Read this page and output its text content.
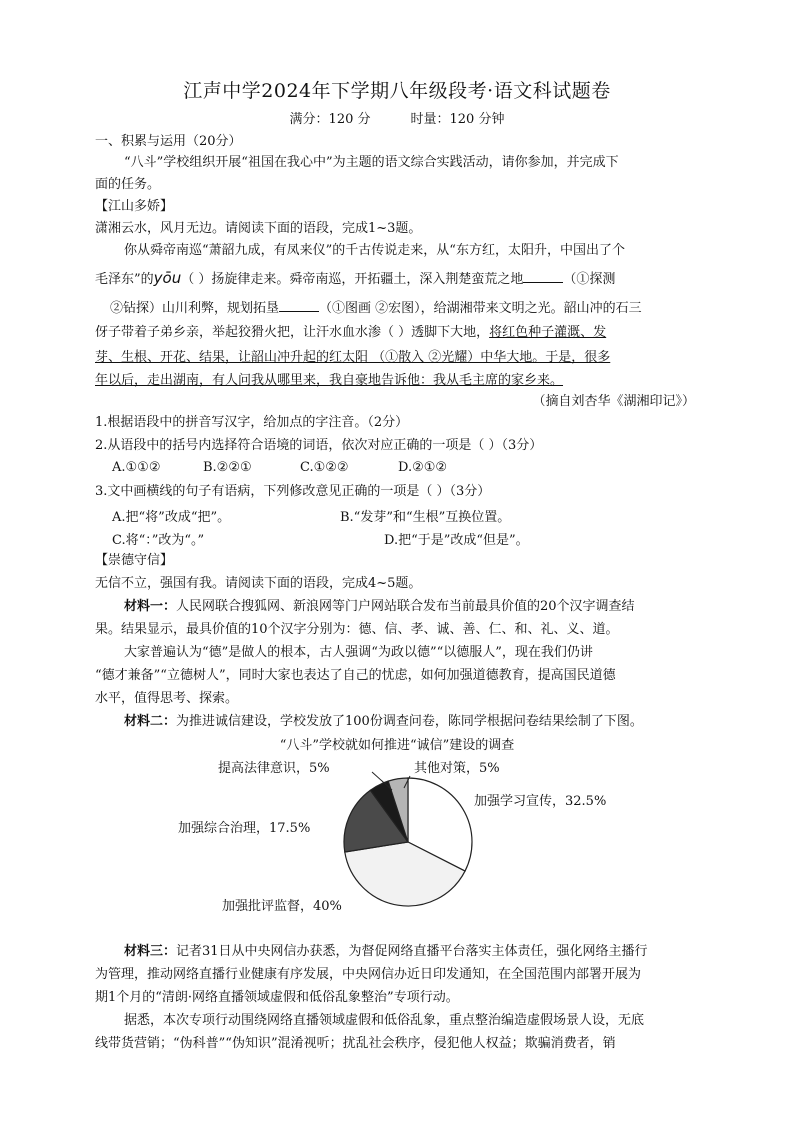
江声中学2024年下学期八年级段考·语文科试题卷
满分：120 分	时量：120 分钟
一、积累与运用（20分）
“八斗”学校组织开展“祖国在我心中”为主题的语文综合实践活动，请你参加，并完成下
面的任务。
【江山多娇】
潇湘云水，风月无边。请阅读下面的语段，完成1~3题。
你从舜帝南巡“萧韶九成，有凤来仪”的千古传说走来，从“东方红，太阳升，中国出了个
毛泽东”的yōu（ ）扬旋律走来。舜帝南巡，开拓疆土，深入荆楚蛮荒之地	（①探测
②钻探）山川利弊，规划拓垦	（①图画 ②宏图），给湖湘带来文明之光。韶山冲的石三
伢子带着子弟乡亲，举起狡猾火把，让汗水血水渗（ ）透脚下大地，将红色种子灌溉、发
芽、生根、开花、结果，让韶山冲升起的红太阳 （①散入 ②光耀）中华大地。于是，很多
年以后，走出湖南，有人问我从哪里来，我自豪地告诉他：我从毛主席的家乡来。
（摘自刘杏华《湖湘印记》）
1.根据语段中的拼音写汉字，给加点的字注音。（2分）
2.从语段中的括号内选择符合语境的词语，依次对应正确的一项是（ ）（3分）
A.①①②	B.②②①	C.①②②	D.②①②
3.文中画横线的句子有语病，下列修改意见正确的一项是（ ）（3分）
A.把“将”改成“把”。	B.“发芽”和“生根”互换位置。
C.将“：”改为“。”	D.把“于是”改成“但是”。
【崇德守信】
无信不立，强国有我。请阅读下面的语段，完成4~5题。
材料一：人民网联合搜狐网、新浪网等门户网站联合发布当前最具价值的20个汉字调查结
果。结果显示，最具价值的10个汉字分别为：德、信、孝、诚、善、仁、和、礼、义、道。
大家普遍认为“德”是做人的根本，古人强调“为政以德”“以德服人”，现在我们仍讲
“德才兼备”“立德树人”，同时大家也表达了自己的忧虑，如何加强道德教育，提高国民道德
水平，值得思考、探索。
材料二：为推进诚信建设，学校发放了100份调查问卷，陈同学根据问卷结果绘制了下图。
“八斗”学校就如何推进“诚信”建设的调查
加强学习宣传，32.5%
加强批评监督，40%
加强综合治理，17.5%
提高法律意识，5%	其他对策，5%
材料三：记者31日从中央网信办获悉，为督促网络直播平台落实主体责任，强化网络主播行
为管理，推动网络直播行业健康有序发展，中央网信办近日印发通知，在全国范围内部署开展为
期1个月的“清朗·网络直播领域虚假和低俗乱象整治”专项行动。
据悉，本次专项行动围绕网络直播领域虚假和低俗乱象，重点整治编造虚假场景人设，无底
线带货营销；“伪科普”“伪知识”混淆视听；扰乱社会秩序，侵犯他人权益；欺骗消费者，销
